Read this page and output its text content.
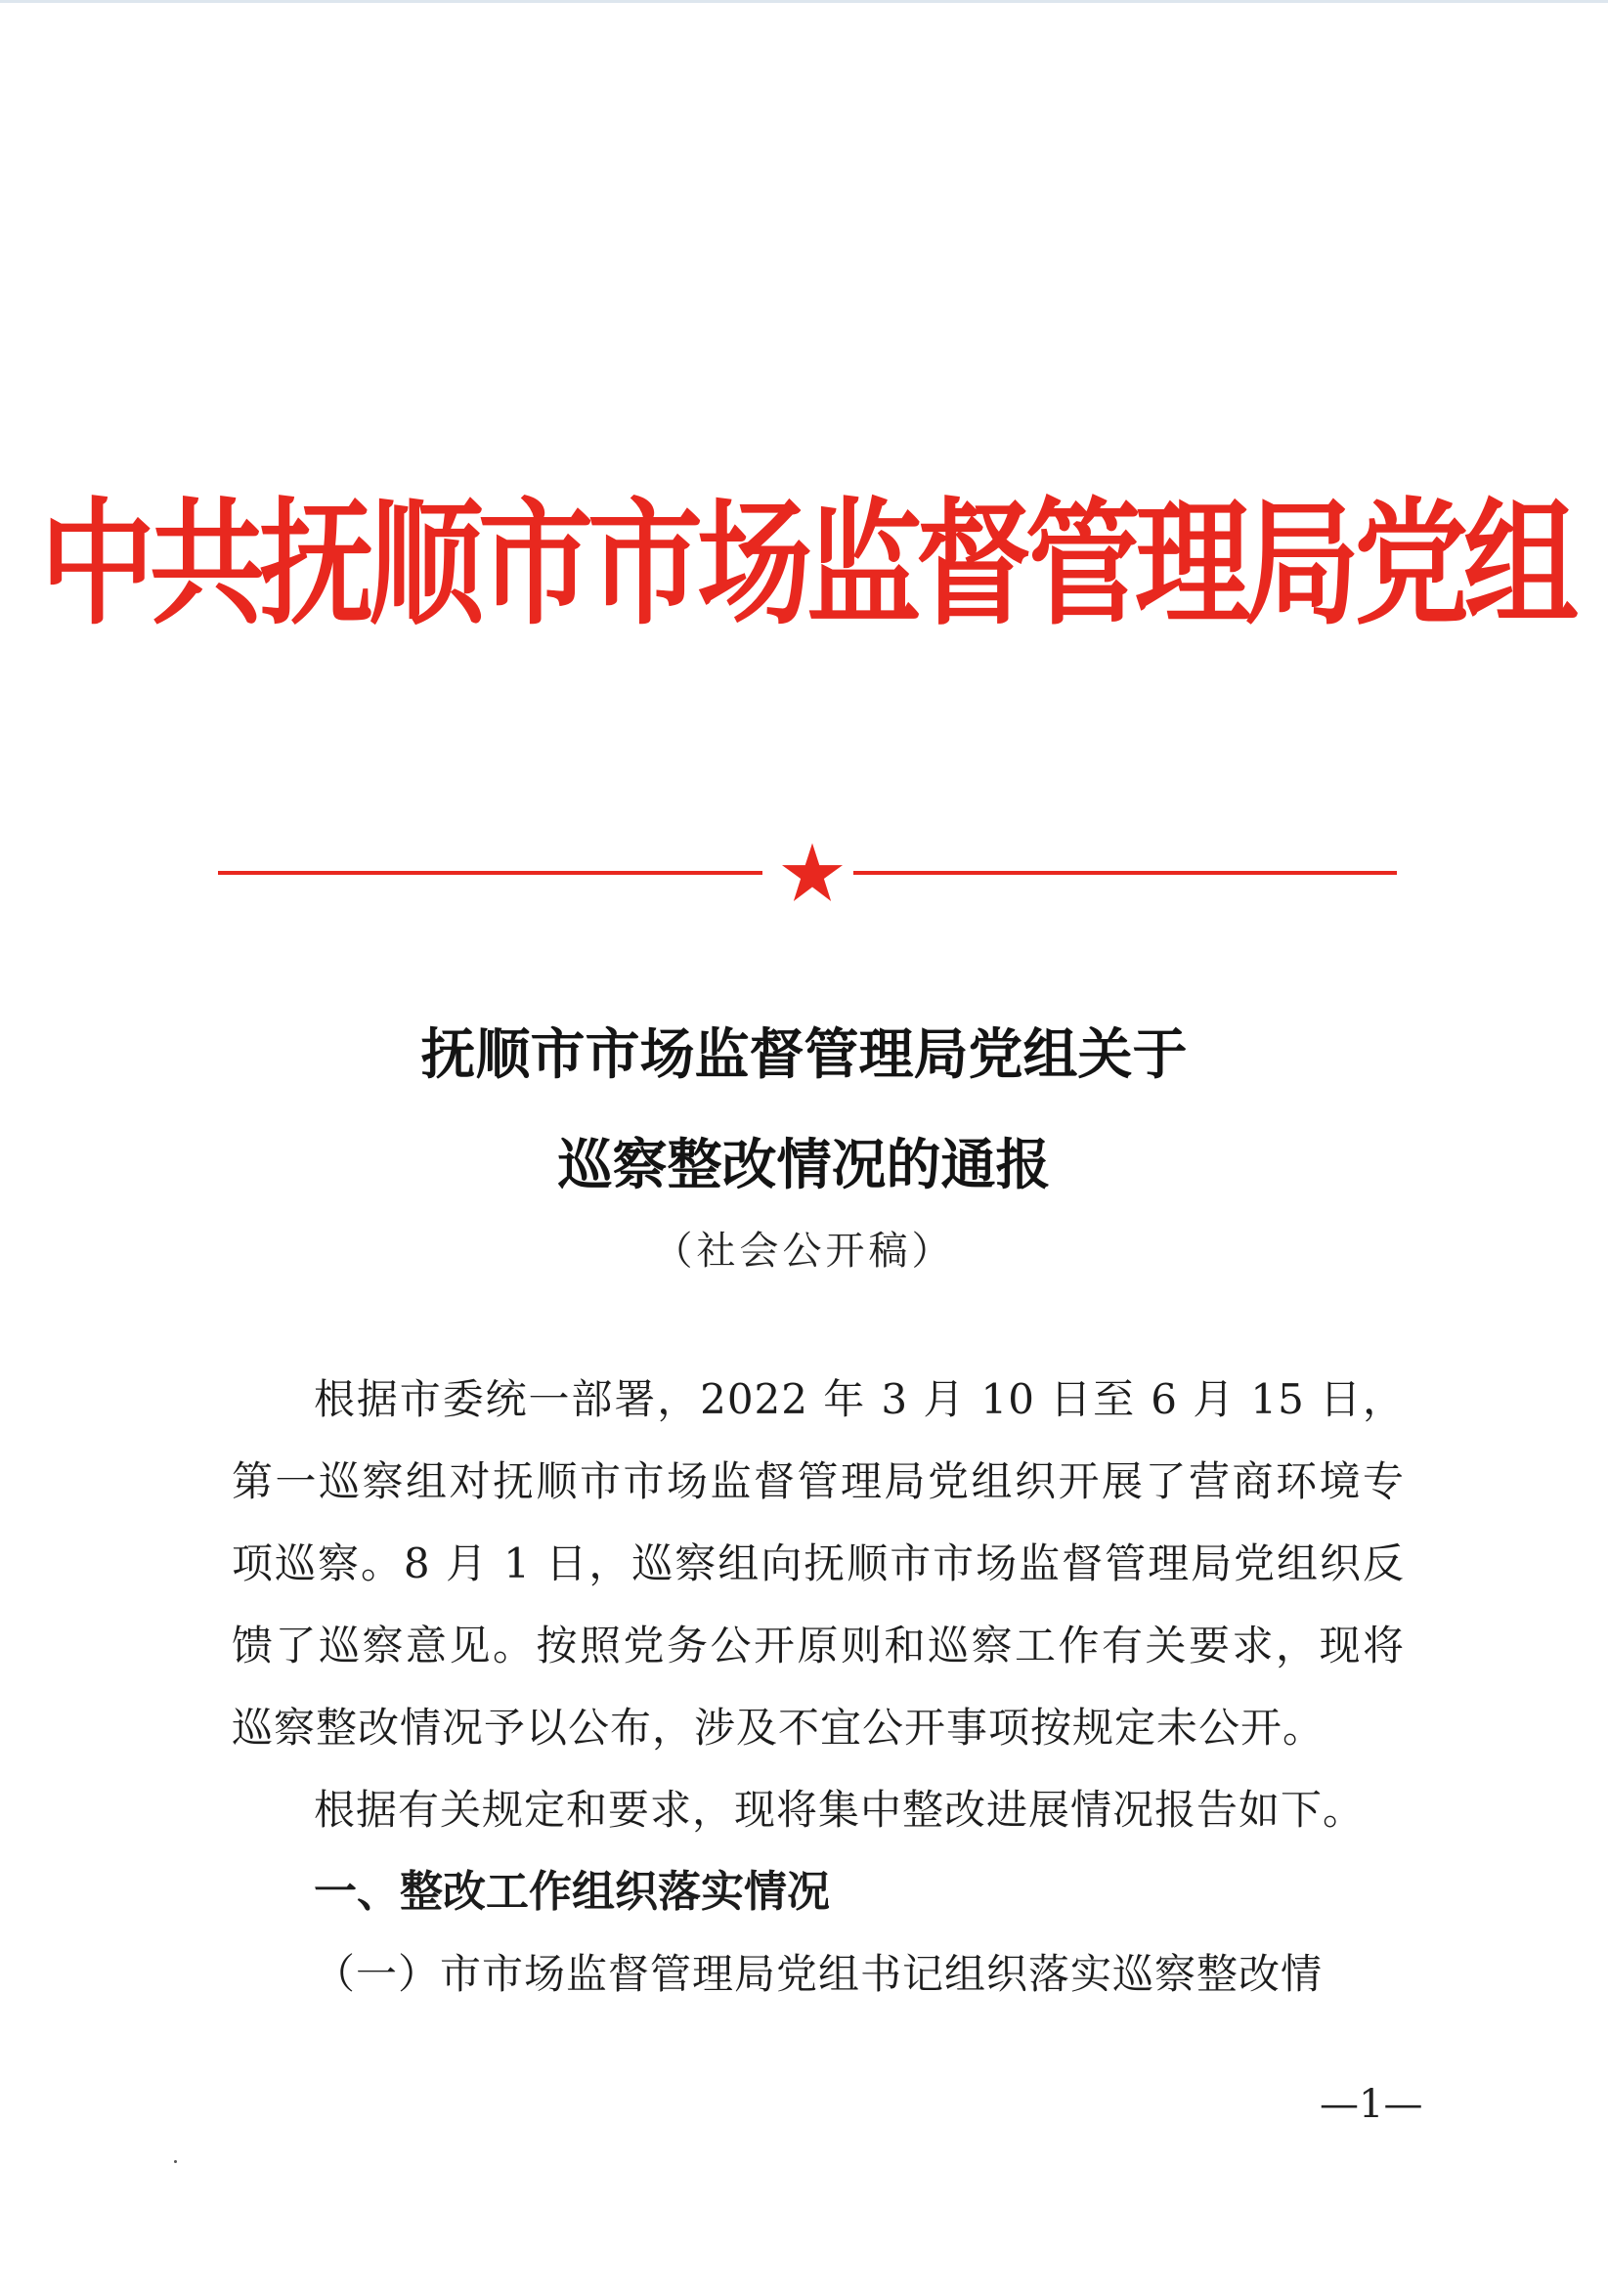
中共抚顺市市场监督管理局党组
抚顺市市场监督管理局党组关于
巡察整改情况的通报
（社会公开稿）

根据市委统一部署，2022 年 3 月 10 日至 6 月 15 日，第一巡察组对抚顺市市场监督管理局党组织开展了营商环境专项巡察。8 月 1 日，巡察组向抚顺市市场监督管理局党组织反馈了巡察意见。按照党务公开原则和巡察工作有关要求，现将巡察整改情况予以公布，涉及不宜公开事项按规定未公开。

根据有关规定和要求，现将集中整改进展情况报告如下。

一、整改工作组织落实情况

（一）市市场监督管理局党组书记组织落实巡察整改情

—1—
